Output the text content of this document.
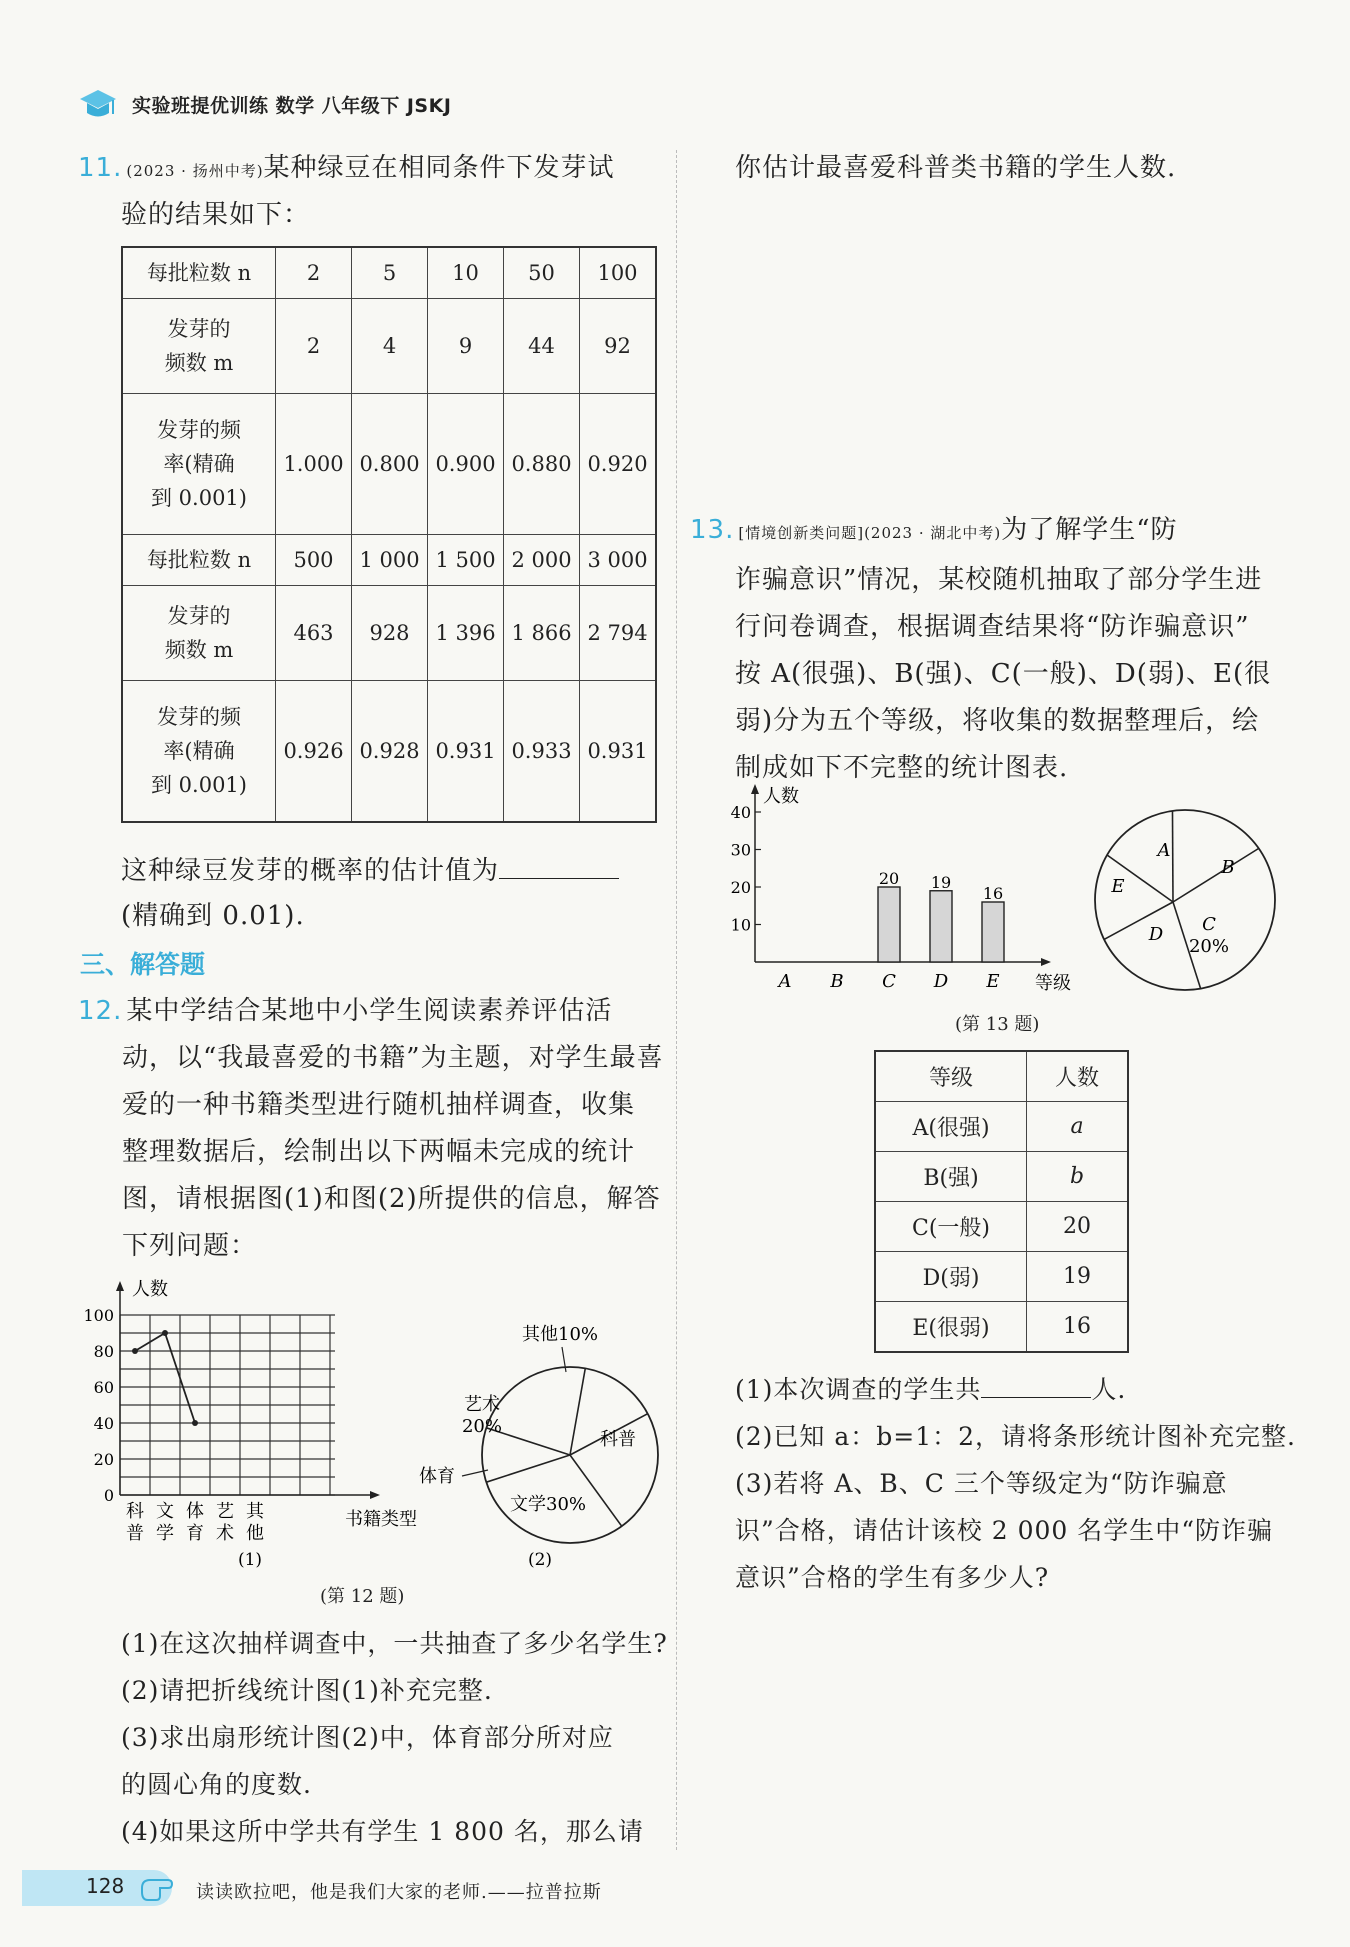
实验班提优训练 数学 八年级下 JSKJ
11. (2023 · 扬州中考)某种绿豆在相同条件下发芽试
验的结果如下：
每批粒数 n	2	5	10	50	100
发芽的
频数 m	2	4	9	44	92
发芽的频
率(精确
到 0.001)	1.000	0.800	0.900	0.880	0.920
每批粒数 n	500	1 000	1 500	2 000	3 000
发芽的
频数 m	463	928	1 396	1 866	2 794
发芽的频
率(精确
到 0.001)	0.926	0.928	0.931	0.933	0.931
这种绿豆发芽的概率的估计值为
(精确到 0.01).
三、解答题
12. 某中学结合某地中小学生阅读素养评估活
动，以“我最喜爱的书籍”为主题，对学生最喜
爱的一种书籍类型进行随机抽样调查，收集
整理数据后，绘制出以下两幅未完成的统计
图，请根据图(1)和图(2)所提供的信息，解答
下列问题：
人数
书籍类型
0
20
40
60
80
100
科
普
文
学
体
育
艺
术
其
他
(1)
其他10%
艺术
20%
体育
文学30%
科普
(2)
(第 12 题)
(1)在这次抽样调查中，一共抽查了多少名学生?
(2)请把折线统计图(1)补充完整.
(3)求出扇形统计图(2)中，体育部分所对应
的圆心角的度数.
(4)如果这所中学共有学生 1 800 名，那么请
你估计最喜爱科普类书籍的学生人数.
13. [情境创新类问题](2023 · 湖北中考)为了解学生“防
诈骗意识”情况，某校随机抽取了部分学生进
行问卷调查，根据调查结果将“防诈骗意识”
按 A(很强)、B(强)、C(一般)、D(弱)、E(很
弱)分为五个等级，将收集的数据整理后，绘
制成如下不完整的统计图表.
人数
等级
10
20
30
40
A B C
20
D
19
E
16
A
B
C
20%
D
E
(第 13 题)
等级	人数
A(很强)	a
B(强)	b
C(一般)	20
D(弱)	19
E(很弱)	16
(1)本次调查的学生共	人.
(2)已知 a：b=1：2，请将条形统计图补充完整.
(3)若将 A、B、C 三个等级定为“防诈骗意
识”合格，请估计该校 2 000 名学生中“防诈骗
意识”合格的学生有多少人?
128	读读欧拉吧，他是我们大家的老师.——拉普拉斯
